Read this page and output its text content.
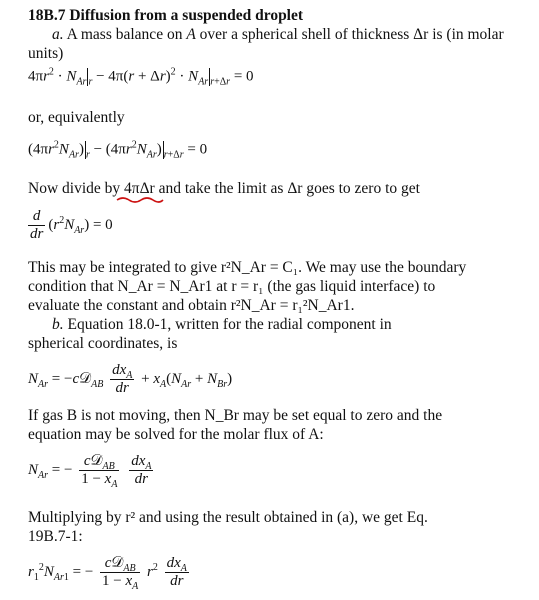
18B.7 Diffusion from a suspended droplet
a. A mass balance on A over a spherical shell of thickness Δr is (in molar units)
$4\pi r^2 \cdot N_{Ar}$ $_r - 4\pi(r + \Delta r)^2 \cdot N_{Ar}$ $_{r+\Delta r}$ = 0
or, equivalently
$(4\pi r^2N_{Ar}) _r - (4\pi r^2N_{Ar}) _{r+\Delta r} = 0$
Now divide by 4πΔr and take the limit as Δr goes to zero to get
$\frac{d}{dr} (r^2N_{Ar}) = 0$
This may be integrated to give r²N_Ar = C₁. We may use the boundary
condition that N_Ar = N_Ar1 at r = r₁ (the gas liquid interface) to
evaluate the constant and obtain r²N_Ar = r₁²N_Ar1.
b. Equation 18.0-1, written for the radial component in
spherical coordinates, is
$N_{Ar}$ = −c𝒟$_{AB}$ $\frac{dx_A}{dr} + x_A(N_{Ar} + N_{Br})$
If gas B is not moving, then N_Br may be set equal to zero and the
equation may be solved for the molar flux of A:
$N_{Ar}$ = − $\frac{c𝒟_{AB}}{1 - x_A}$
$\frac{dx_A}{dr}$
Multiplying by r² and using the result obtained in (a), we get Eq.
19B.7-1:
$r_1^2N_{Ar1}$ = − $\frac{c𝒟_{AB}}{1 - x_A} r^2 \frac{dx_A}{dr}$
